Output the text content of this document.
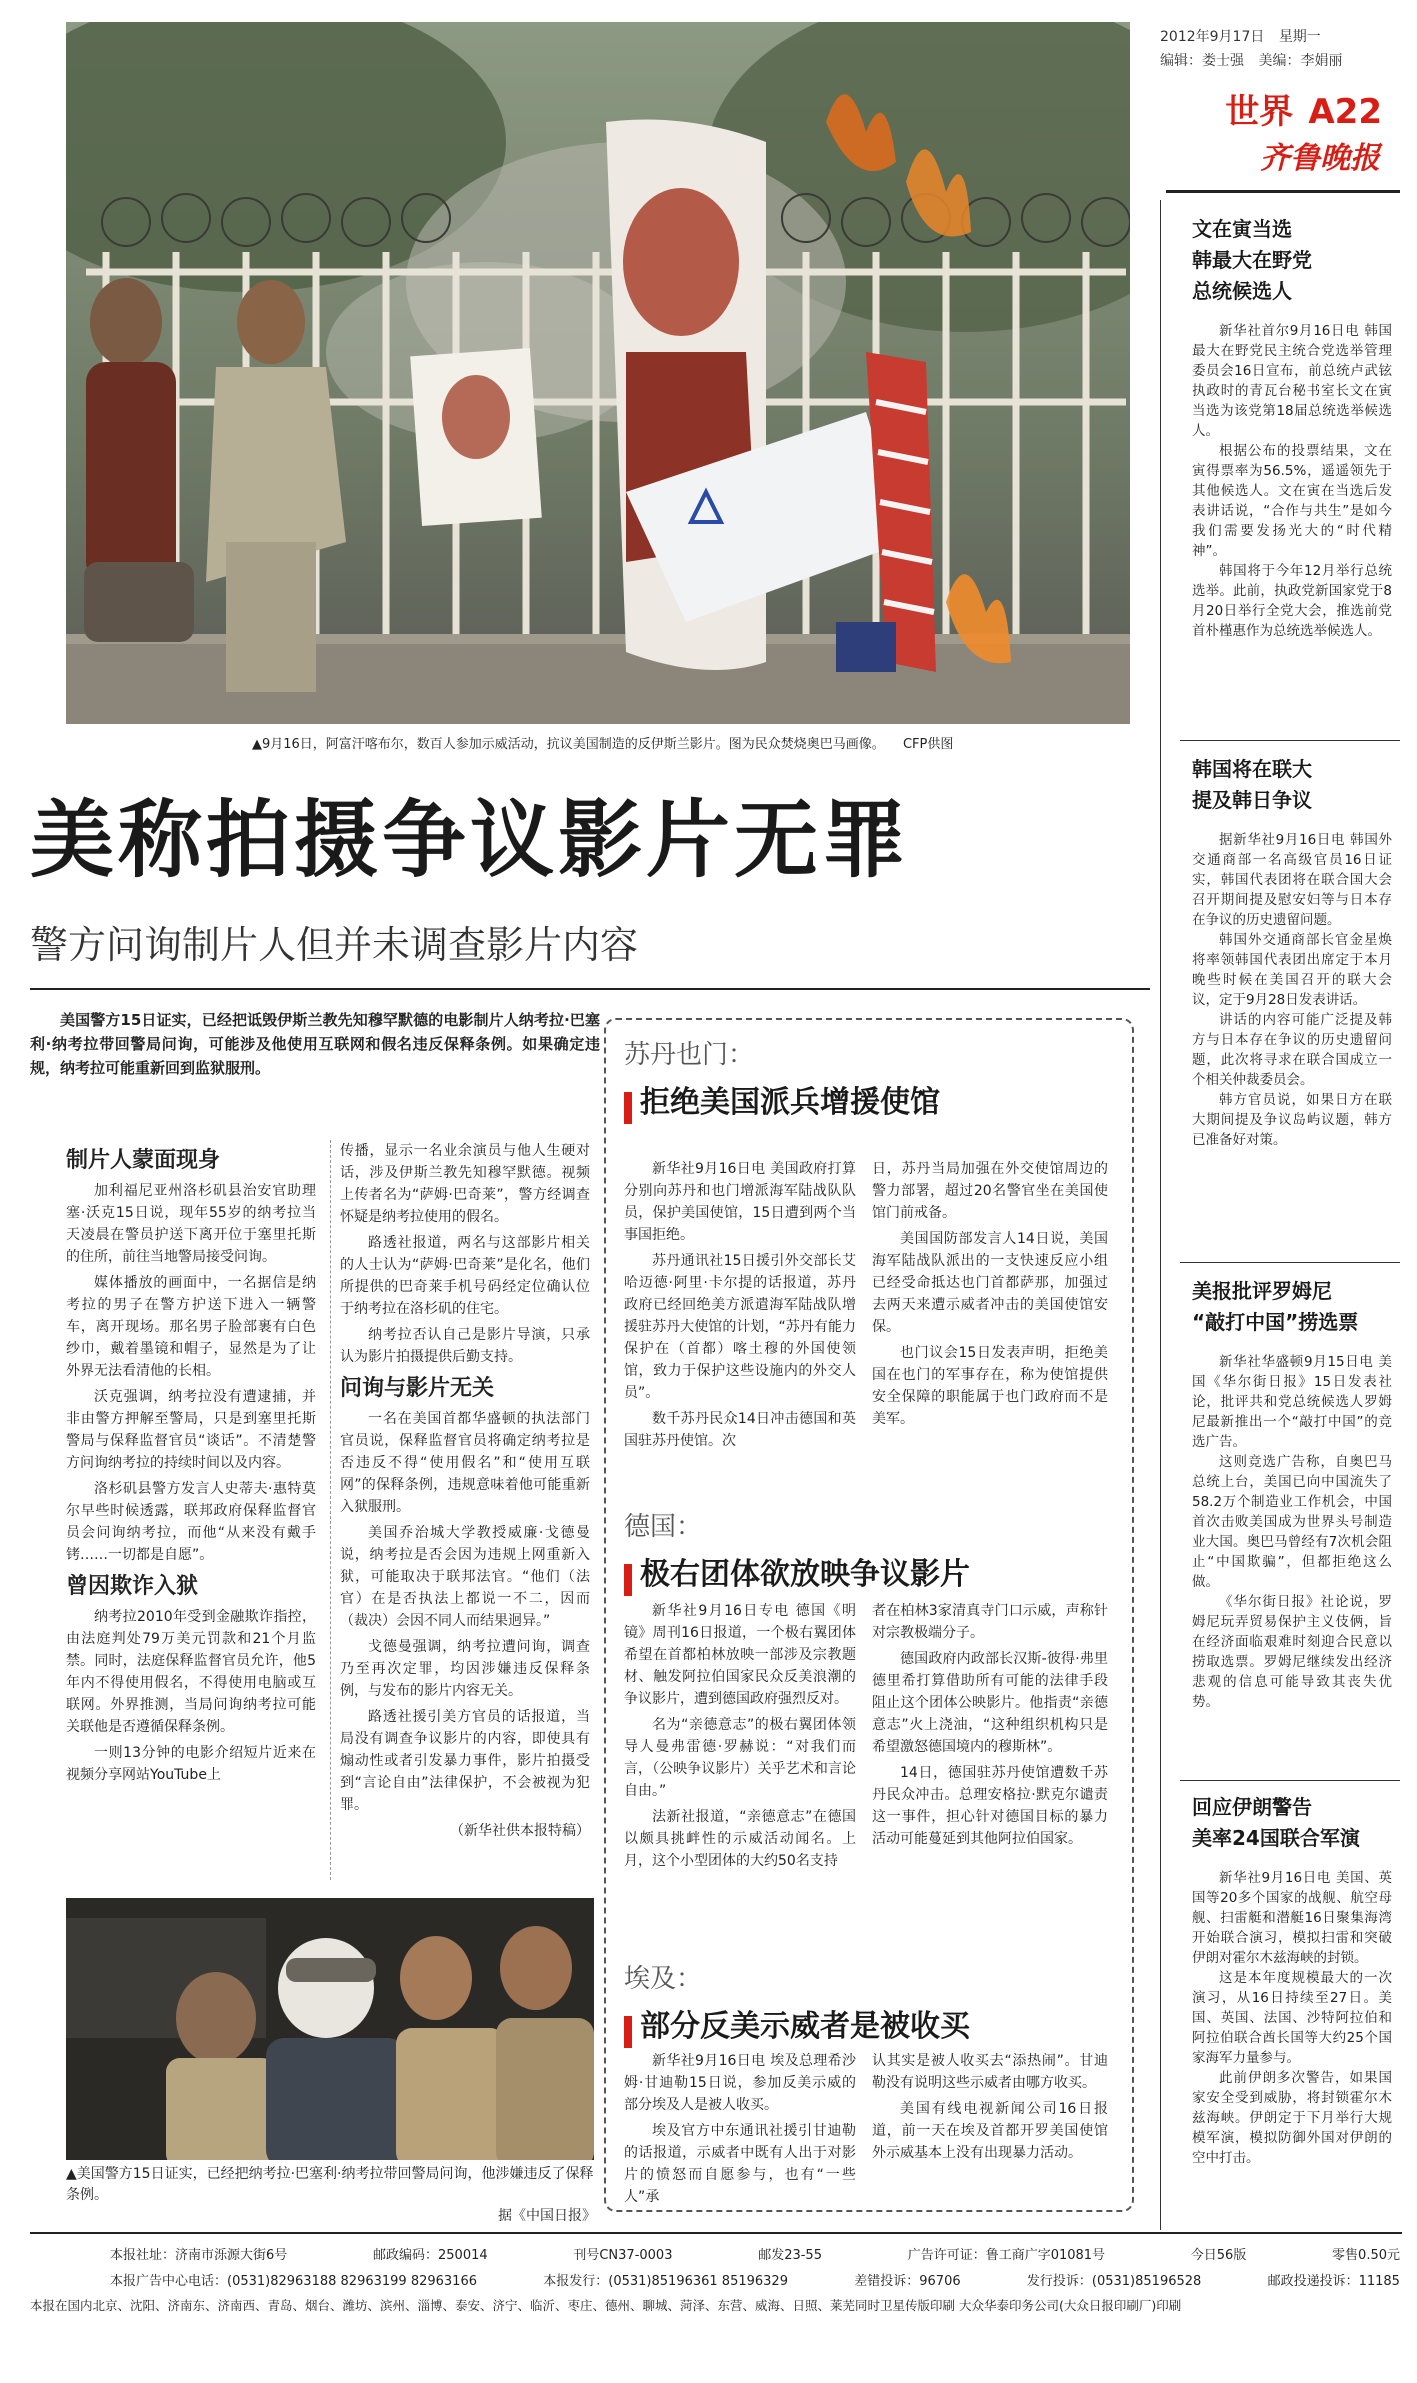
▲9月16日，阿富汗喀布尔，数百人参加示威活动，抗议美国制造的反伊斯兰影片。图为民众焚烧奥巴马画像。 CFP供图
2012年9月17日 星期一
编辑：娄士强 美编：李娟丽
世界 A22
齐鲁晚报
美称拍摄争议影片无罪
警方问询制片人但并未调查影片内容

美国警方15日证实，已经把诋毁伊斯兰教先知穆罕默德的电影制片人纳考拉·巴塞利·纳考拉带回警局问询，可能涉及他使用互联网和假名违反保释条例。如果确定违规，纳考拉可能重新回到监狱服刑。

制片人蒙面现身

加利福尼亚州洛杉矶县治安官助理塞·沃克15日说，现年55岁的纳考拉当天凌晨在警员护送下离开位于塞里托斯的住所，前往当地警局接受问询。

媒体播放的画面中，一名据信是纳考拉的男子在警方护送下进入一辆警车，离开现场。那名男子脸部裹有白色纱巾，戴着墨镜和帽子，显然是为了让外界无法看清他的长相。

沃克强调，纳考拉没有遭逮捕，并非由警方押解至警局，只是到塞里托斯警局与保释监督官员“谈话”。不清楚警方问询纳考拉的持续时间以及内容。

洛杉矶县警方发言人史蒂夫·惠特莫尔早些时候透露，联邦政府保释监督官员会问询纳考拉，而他“从来没有戴手铐……一切都是自愿”。

曾因欺诈入狱

纳考拉2010年受到金融欺诈指控，由法庭判处79万美元罚款和21个月监禁。同时，法庭保释监督官员允许，他5年内不得使用假名，不得使用电脑或互联网。外界推测，当局问询纳考拉可能关联他是否遵循保释条例。

一则13分钟的电影介绍短片近来在视频分享网站YouTube上

传播，显示一名业余演员与他人生硬对话，涉及伊斯兰教先知穆罕默德。视频上传者名为“萨姆·巴奇莱”，警方经调查怀疑是纳考拉使用的假名。

路透社报道，两名与这部影片相关的人士认为“萨姆·巴奇莱”是化名，他们所提供的巴奇莱手机号码经定位确认位于纳考拉在洛杉矶的住宅。

纳考拉否认自己是影片导演，只承认为影片拍摄提供后勤支持。

问询与影片无关

一名在美国首都华盛顿的执法部门官员说，保释监督官员将确定纳考拉是否违反不得“使用假名”和“使用互联网”的保释条例，违规意味着他可能重新入狱服刑。

美国乔治城大学教授威廉·戈德曼说，纳考拉是否会因为违规上网重新入狱，可能取决于联邦法官。“他们（法官）在是否执法上都说一不二，因而（裁决）会因不同人而结果迥异。”

戈德曼强调，纳考拉遭问询，调查乃至再次定罪，均因涉嫌违反保释条例，与发布的影片内容无关。

路透社援引美方官员的话报道，当局没有调查争议影片的内容，即使具有煽动性或者引发暴力事件，影片拍摄受到“言论自由”法律保护，不会被视为犯罪。

（新华社供本报特稿）

▲美国警方15日证实，已经把纳考拉·巴塞利·纳考拉带回警局问询，他涉嫌违反了保释条例。
据《中国日报》
苏丹也门：
拒绝美国派兵增援使馆

新华社9月16日电 美国政府打算分别向苏丹和也门增派海军陆战队队员，保护美国使馆，15日遭到两个当事国拒绝。

苏丹通讯社15日援引外交部长艾哈迈德·阿里·卡尔提的话报道，苏丹政府已经回绝美方派遣海军陆战队增援驻苏丹大使馆的计划，“苏丹有能力保护在（首都）喀土穆的外国使领馆，致力于保护这些设施内的外交人员”。

数千苏丹民众14日冲击德国和英国驻苏丹使馆。次

日，苏丹当局加强在外交使馆周边的警力部署，超过20名警官坐在美国使馆门前戒备。

美国国防部发言人14日说，美国海军陆战队派出的一支快速反应小组已经受命抵达也门首都萨那，加强过去两天来遭示威者冲击的美国使馆安保。

也门议会15日发表声明，拒绝美国在也门的军事存在，称为使馆提供安全保障的职能属于也门政府而不是美军。

德国：
极右团体欲放映争议影片

新华社9月16日专电 德国《明镜》周刊16日报道，一个极右翼团体希望在首都柏林放映一部涉及宗教题材、触发阿拉伯国家民众反美浪潮的争议影片，遭到德国政府强烈反对。

名为“亲德意志”的极右翼团体领导人曼弗雷德·罗赫说：“对我们而言，（公映争议影片）关乎艺术和言论自由。”

法新社报道，“亲德意志”在德国以颇具挑衅性的示威活动闻名。上月，这个小型团体的大约50名支持

者在柏林3家清真寺门口示威，声称针对宗教极端分子。

德国政府内政部长汉斯-彼得·弗里德里希打算借助所有可能的法律手段阻止这个团体公映影片。他指责“亲德意志”火上浇油，“这种组织机构只是希望激怒德国境内的穆斯林”。

14日，德国驻苏丹使馆遭数千苏丹民众冲击。总理安格拉·默克尔谴责这一事件，担心针对德国目标的暴力活动可能蔓延到其他阿拉伯国家。

埃及：
部分反美示威者是被收买

新华社9月16日电 埃及总理希沙姆·甘迪勒15日说，参加反美示威的部分埃及人是被人收买。

埃及官方中东通讯社援引甘迪勒的话报道，示威者中既有人出于对影片的愤怒而自愿参与，也有“一些人”承

认其实是被人收买去“添热闹”。甘迪勒没有说明这些示威者由哪方收买。

美国有线电视新闻公司16日报道，前一天在埃及首都开罗美国使馆外示威基本上没有出现暴力活动。

文在寅当选
韩最大在野党
总统候选人

新华社首尔9月16日电 韩国最大在野党民主统合党选举管理委员会16日宣布，前总统卢武铉执政时的青瓦台秘书室长文在寅当选为该党第18届总统选举候选人。

根据公布的投票结果，文在寅得票率为56.5%，遥遥领先于其他候选人。文在寅在当选后发表讲话说，“合作与共生”是如今我们需要发扬光大的“时代精神”。

韩国将于今年12月举行总统选举。此前，执政党新国家党于8月20日举行全党大会，推选前党首朴槿惠作为总统选举候选人。

韩国将在联大
提及韩日争议

据新华社9月16日电 韩国外交通商部一名高级官员16日证实，韩国代表团将在联合国大会召开期间提及慰安妇等与日本存在争议的历史遗留问题。

韩国外交通商部长官金星焕将率领韩国代表团出席定于本月晚些时候在美国召开的联大会议，定于9月28日发表讲话。

讲话的内容可能广泛提及韩方与日本存在争议的历史遗留问题，此次将寻求在联合国成立一个相关仲裁委员会。

韩方官员说，如果日方在联大期间提及争议岛屿议题，韩方已准备好对策。

美报批评罗姆尼
“敲打中国”捞选票

新华社华盛顿9月15日电 美国《华尔街日报》15日发表社论，批评共和党总统候选人罗姆尼最新推出一个“敲打中国”的竞选广告。

这则竞选广告称，自奥巴马总统上台，美国已向中国流失了58.2万个制造业工作机会，中国首次击败美国成为世界头号制造业大国。奥巴马曾经有7次机会阻止“中国欺骗”，但都拒绝这么做。

《华尔街日报》社论说，罗姆尼玩弄贸易保护主义伎俩，旨在经济面临艰难时刻迎合民意以捞取选票。罗姆尼继续发出经济悲观的信息可能导致其丧失优势。

回应伊朗警告
美率24国联合军演

新华社9月16日电 美国、英国等20多个国家的战舰、航空母舰、扫雷艇和潜艇16日聚集海湾开始联合演习，模拟扫雷和突破伊朗对霍尔木兹海峡的封锁。

这是本年度规模最大的一次演习，从16日持续至27日。美国、英国、法国、沙特阿拉伯和阿拉伯联合酋长国等大约25个国家海军力量参与。

此前伊朗多次警告，如果国家安全受到威胁，将封锁霍尔木兹海峡。伊朗定于下月举行大规模军演，模拟防御外国对伊朗的空中打击。

本报社址：济南市泺源大街6号	邮政编码：250014	刊号CN37-0003	邮发23-55	广告许可证：鲁工商广字01081号	今日56版	零售0.50元
本报广告中心电话：(0531)82963188 82963199 82963166	本报发行：(0531)85196361 85196329	差错投诉：96706	发行投诉：(0531)85196528	邮政投递投诉：11185
本报在国内北京、沈阳、济南东、济南西、青岛、烟台、潍坊、滨州、淄博、泰安、济宁、临沂、枣庄、德州、聊城、菏泽、东营、威海、日照、莱芜同时卫星传版印刷 大众华泰印务公司(大众日报印刷厂)印刷
